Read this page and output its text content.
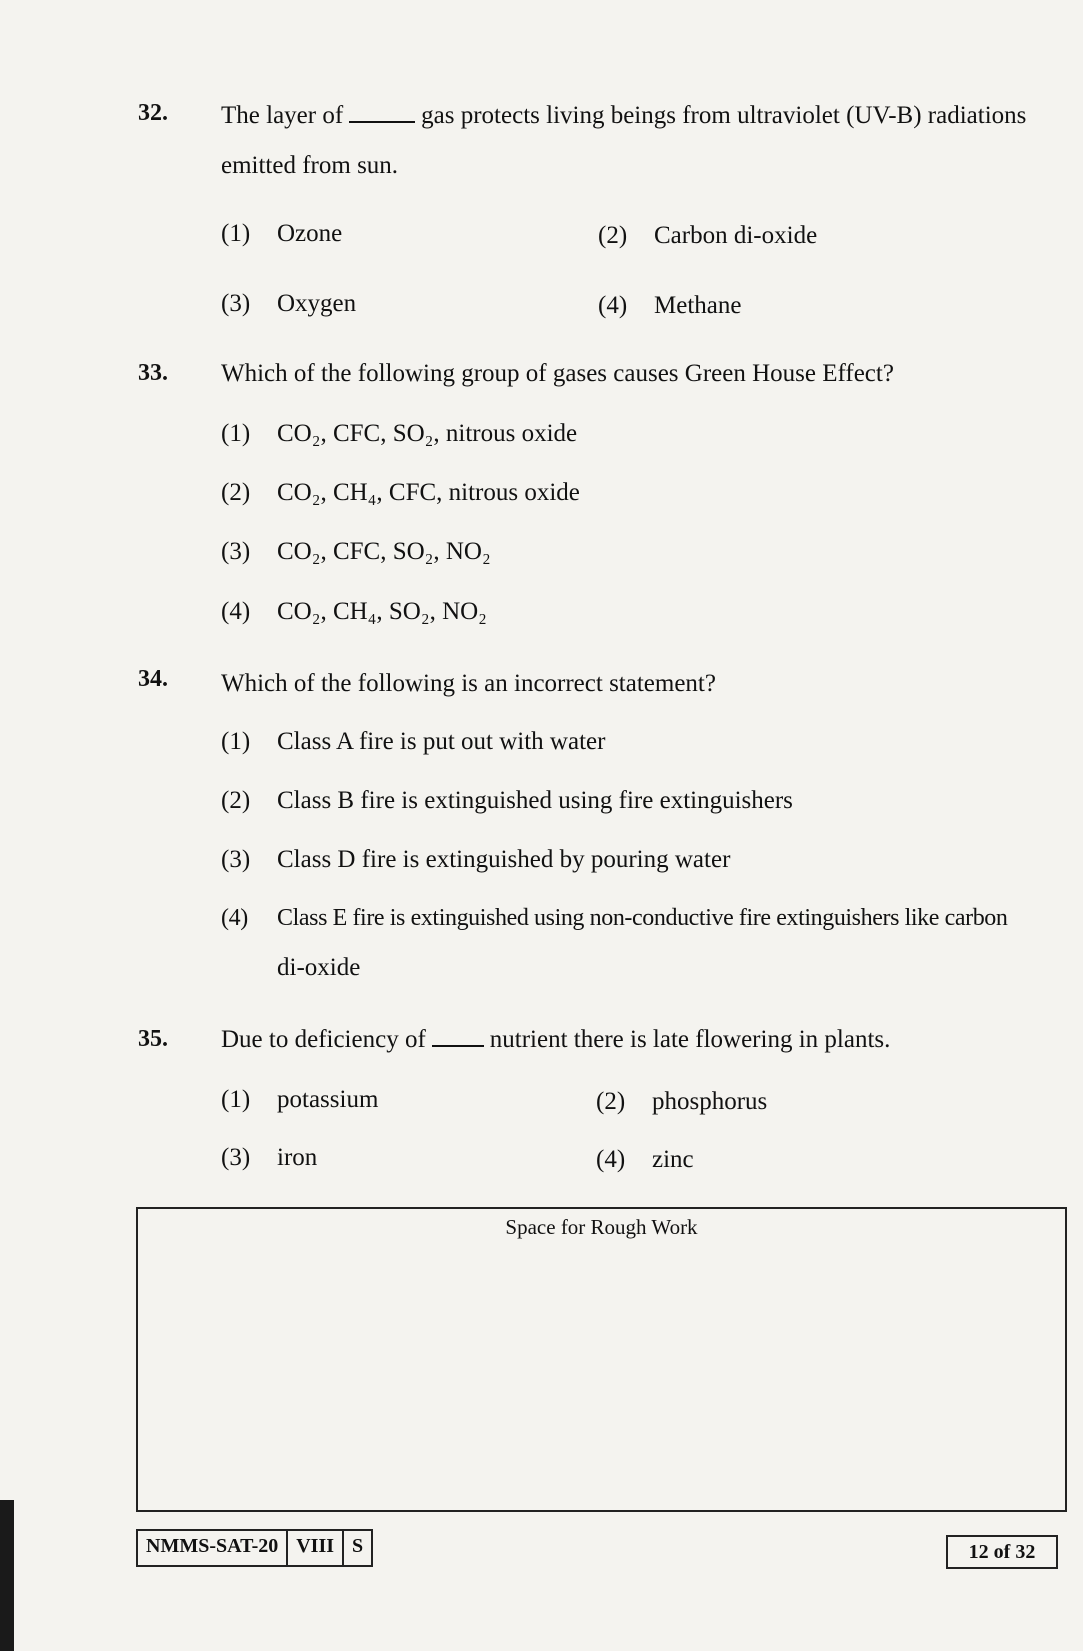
32. The layer of	gas protects living beings from ultraviolet (UV-B) radiations
emitted from sun.
(1) Ozone	(2) Carbon di-oxide
(3) Oxygen	(4) Methane
33. Which of the following group of gases causes Green House Effect?
(1) CO₂, CFC, SO₂, nitrous oxide
(2) CO₂, CH₄, CFC, nitrous oxide
(3) CO₂, CFC, SO₂, NO₂
(4) CO₂, CH₄, SO₂, NO₂
34. Which of the following is an incorrect statement?
(1) Class A fire is put out with water
(2) Class B fire is extinguished using fire extinguishers
(3) Class D fire is extinguished by pouring water
(4) Class E fire is extinguished using non-conductive fire extinguishers like carbon
di-oxide
35. Due to deficiency of	nutrient there is late flowering in plants.
(1) potassium	(2) phosphorus
(3) iron	(4) zinc
Space for Rough Work
NMMS-SAT-20 VIII S	12 of 32
